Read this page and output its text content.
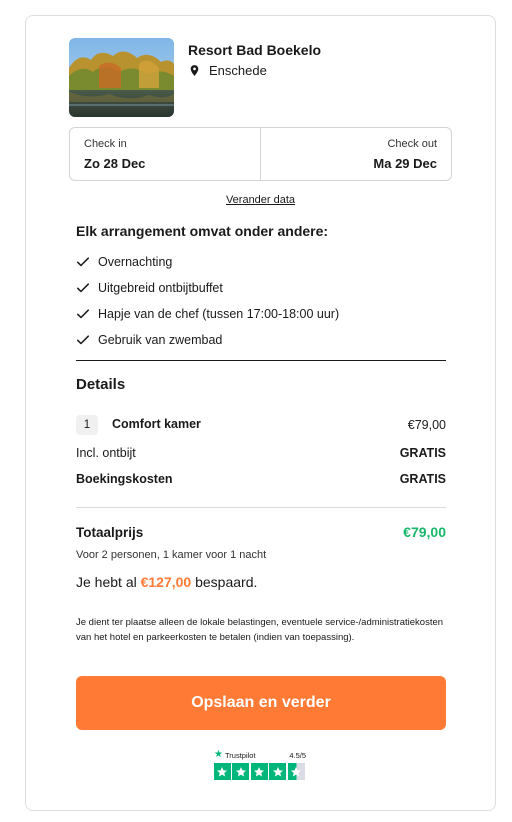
Resort Bad Boekelo
Enschede
Check in
Zo 28 Dec
Check out
Ma 29 Dec
Verander data
Elk arrangement omvat onder andere:
Overnachting
Uitgebreid ontbijtbuffet
Hapje van de chef (tussen 17:00-18:00 uur)
Gebruik van zwembad
Details
1 Comfort kamer	€79,00
Incl. ontbijt	GRATIS
Boekingskosten	GRATIS
Totaalprijs	€79,00
Voor 2 personen, 1 kamer voor 1 nacht
Je hebt al €127,00 bespaard.
Je dient ter plaatse alleen de lokale belastingen, eventuele service-/administratiekosten van het hotel en parkeerkosten te betalen (indien van toepassing).
Opslaan en verder
★ Trustpilot	4.5/5
